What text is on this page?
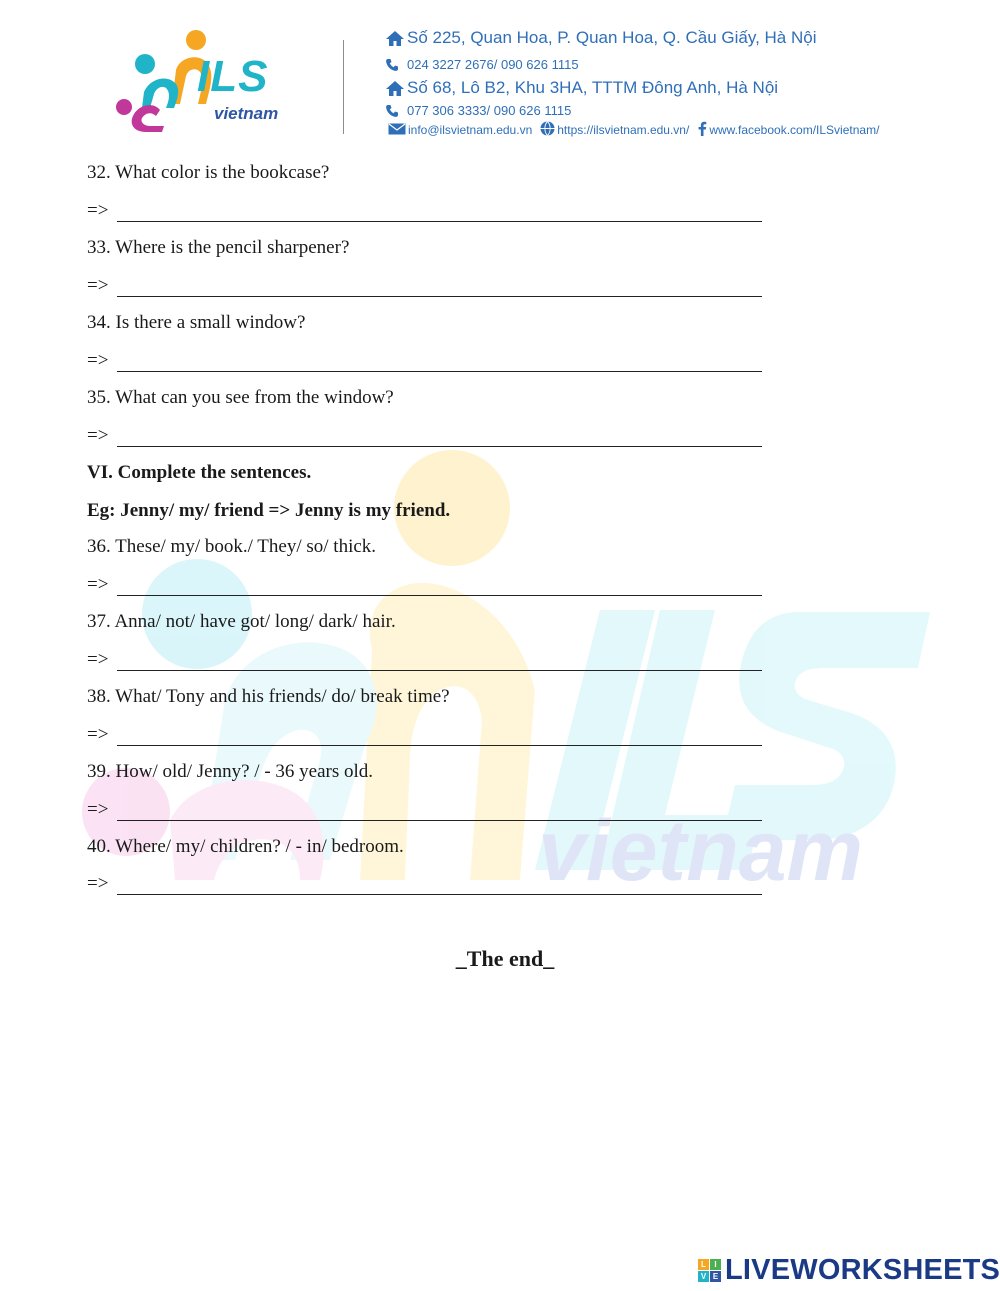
vietnam
ILS
vietnam
Số 225, Quan Hoa, P. Quan Hoa, Q. Cầu Giấy, Hà Nội
024 3227 2676/ 090 626 1115
Số 68, Lô B2, Khu 3HA, TTTM Đông Anh, Hà Nội
077 306 3333/ 090 626 1115
info@ilsvietnam.edu.vn https://ilsvietnam.edu.vn/ www.facebook.com/ILSvietnam/
32. What color is the bookcase?
=>
33. Where is the pencil sharpener?
=>
34. Is there a small window?
=>
35. What can you see from the window?
=>
VI. Complete the sentences.
Eg: Jenny/ my/ friend => Jenny is my friend.
36. These/ my/ book./ They/ so/ thick.
=>
37. Anna/ not/ have got/ long/ dark/ hair.
=>
38. What/ Tony and his friends/ do/ break time?
=>
39. How/ old/ Jenny? / - 36 years old.
=>
40. Where/ my/ children? / - in/ bedroom.
=>
_The end_
L	I
V E LIVEWORKSHEETS
